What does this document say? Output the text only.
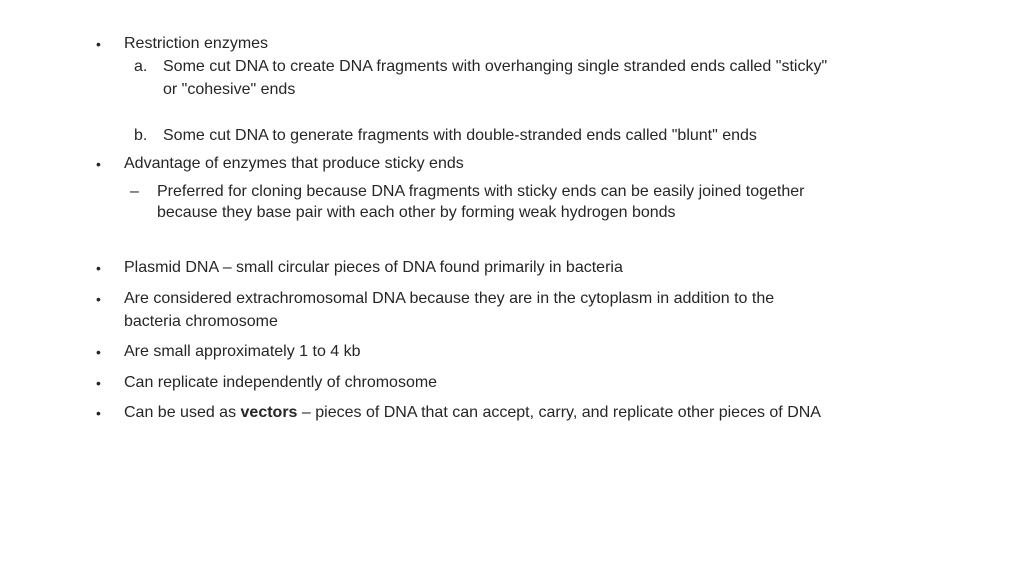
• Restriction enzymes
a. Some cut DNA to create DNA fragments with overhanging single stranded ends called "sticky"
or "cohesive" ends
b. Some cut DNA to generate fragments with double-stranded ends called "blunt" ends
• Advantage of enzymes that produce sticky ends
– Preferred for cloning because DNA fragments with sticky ends can be easily joined together
because they base pair with each other by forming weak hydrogen bonds
• Plasmid DNA – small circular pieces of DNA found primarily in bacteria
• Are considered extrachromosomal DNA because they are in the cytoplasm in addition to the
bacteria chromosome
• Are small approximately 1 to 4 kb
• Can replicate independently of chromosome
• Can be used as vectors – pieces of DNA that can accept, carry, and replicate other pieces of DNA
